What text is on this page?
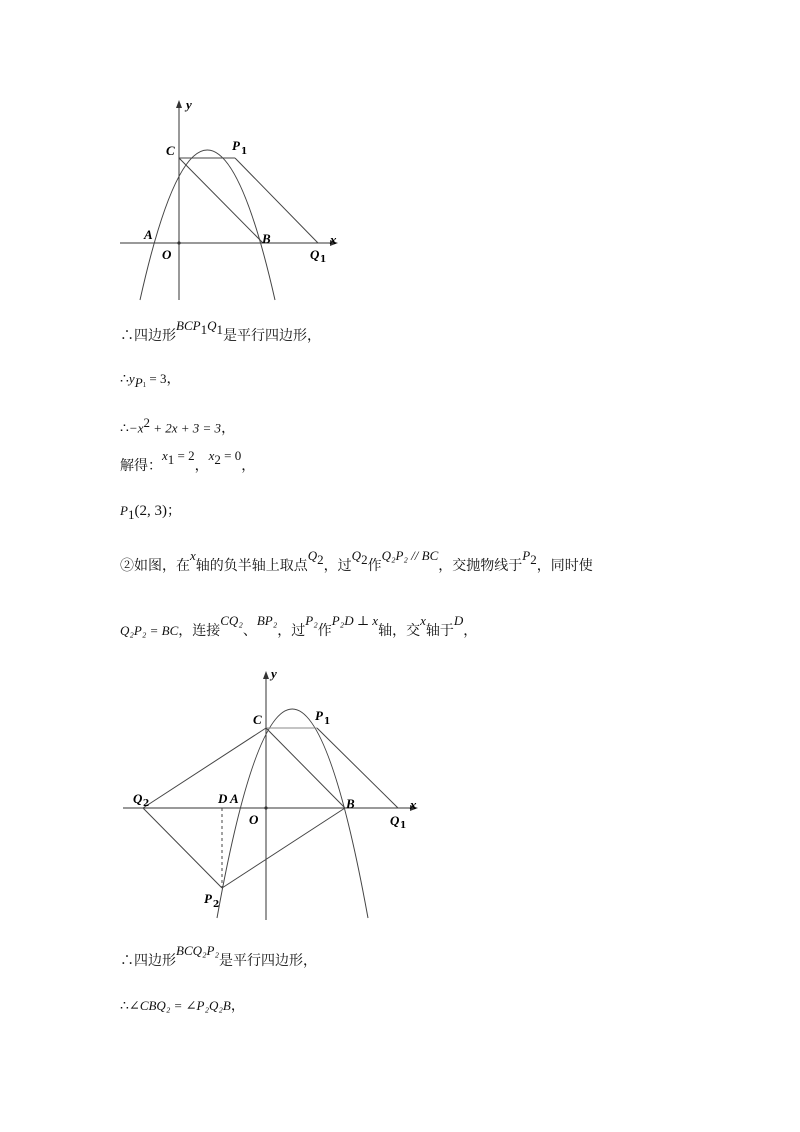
y
x
C	P 1
A
O
B
Q 1
∴四边形$BCP_1Q_1$是平行四边形，
$\therefore y_{P1} = 3$，
$\therefore-x^2 + 2x + 3 = 3$，
解得：$x_1 = 2$，$x_2 = 0$，
$P_1(2$, 3)；
②如图，在x轴的负半轴上取点$Q_2$，过$Q_2$作Q₂P₂ // BC，交抛物线于$P_2$，同时使
Q₂P₂ = BC，连接CQ₂、BP₂，过P₂作P₂D ⊥ x轴，交x轴于D，
y
x
C	P 1
Q 2	D A
O
B
Q 1
P 2
∴四边形BCQ₂P₂是平行四边形，
∴∠CBQ₂ = ∠P₂Q₂B，
